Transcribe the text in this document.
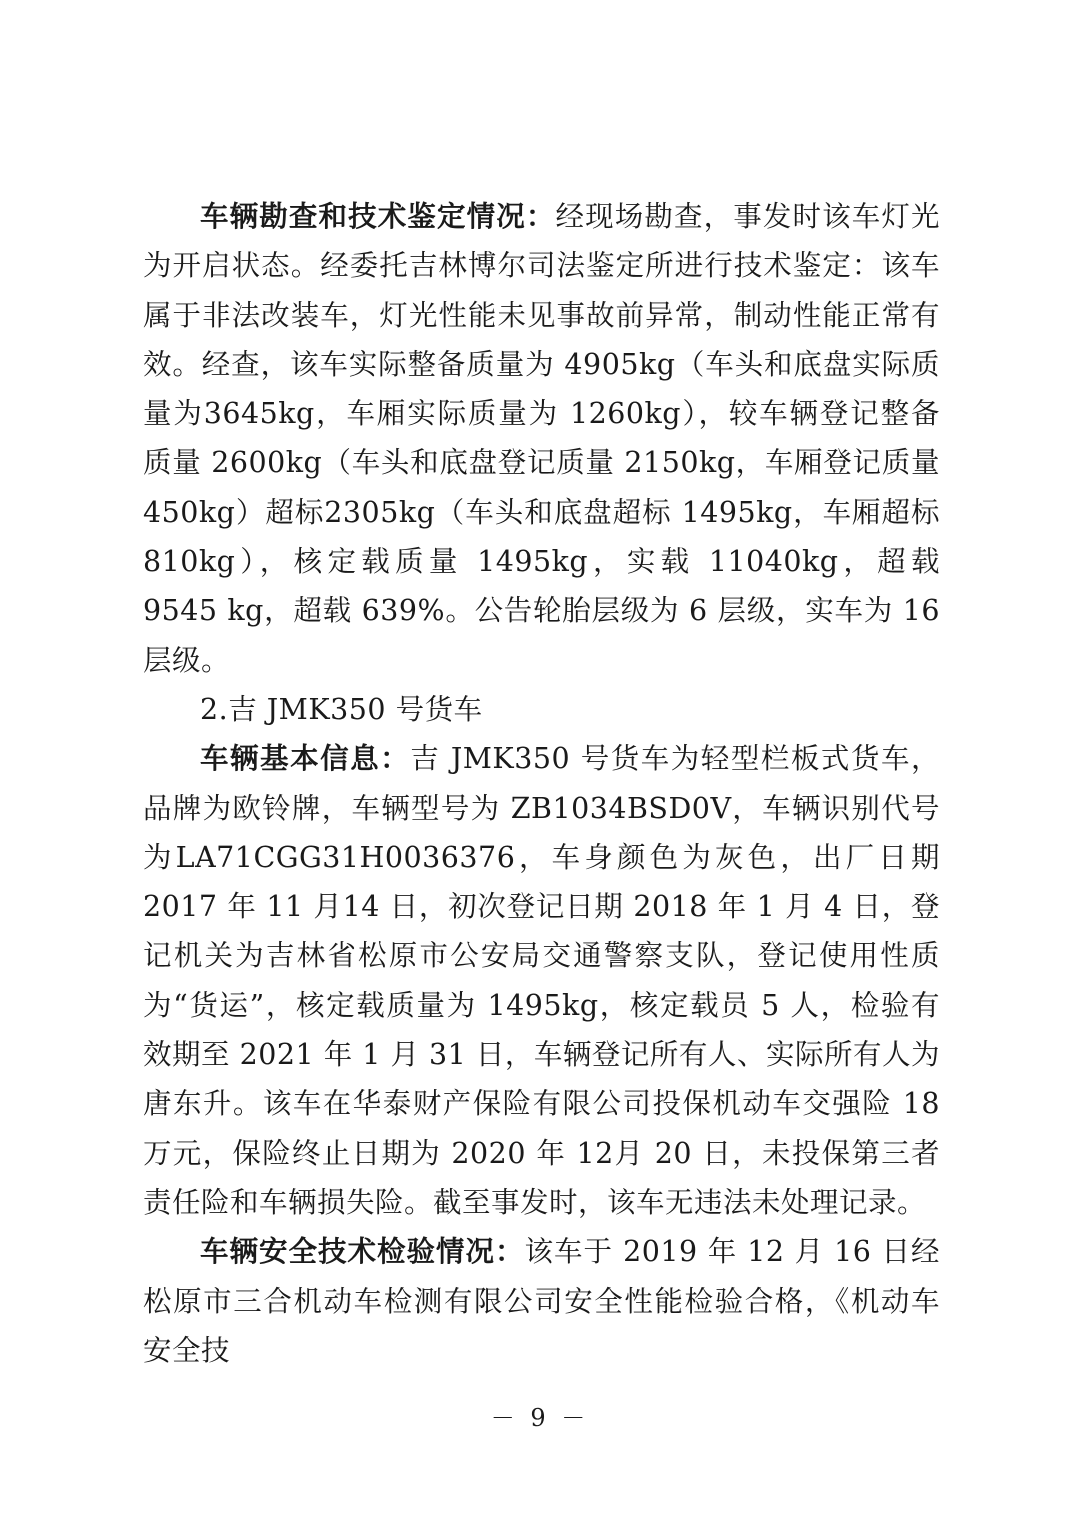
车辆勘查和技术鉴定情况：经现场勘查，事发时该车灯光为开启状态。经委托吉林博尔司法鉴定所进行技术鉴定：该车属于非法改装车，灯光性能未见事故前异常，制动性能正常有效。经查，该车实际整备质量为 4905kg（车头和底盘实际质量为3645kg，车厢实际质量为 1260kg），较车辆登记整备质量 2600kg（车头和底盘登记质量 2150kg，车厢登记质量 450kg）超标2305kg（车头和底盘超标 1495kg，车厢超标 810kg），核定载质量 1495kg，实载 11040kg，超载 9545 kg，超载 639%。公告轮胎层级为 6 层级，实车为 16 层级。

2.吉 JMK350 号货车

车辆基本信息：吉 JMK350 号货车为轻型栏板式货车，品牌为欧铃牌，车辆型号为 ZB1034BSD0V，车辆识别代号为LA71CGG31H0036376，车身颜色为灰色，出厂日期 2017 年 11 月14 日，初次登记日期 2018 年 1 月 4 日，登记机关为吉林省松原市公安局交通警察支队，登记使用性质为“货运”，核定载质量为 1495kg，核定载员 5 人，检验有效期至 2021 年 1 月 31 日，车辆登记所有人、实际所有人为唐东升。该车在华泰财产保险有限公司投保机动车交强险 18 万元，保险终止日期为 2020 年 12月 20 日，未投保第三者责任险和车辆损失险。截至事发时，该车无违法未处理记录。

车辆安全技术检验情况：该车于 2019 年 12 月 16 日经松原市三合机动车检测有限公司安全性能检验合格，《机动车安全技

－ 9 －
